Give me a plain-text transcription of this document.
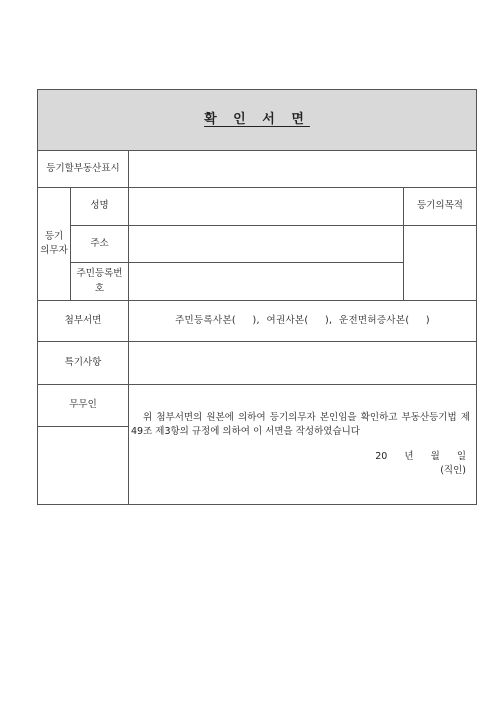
확 인 서 면			
등기할부동산표시			
등기
의무자	성명		등기의목적
	주소		
	주민등록번
호		
첨부서면		주민등록사본(     ),  여권사본(     ),  운전면허증사본(     )	
특기사항			
무무인		위 첨부서면의 원본에 의하여 등기의무자 본인임을 확인하고 부동산등기법 제
49조 제3항의 규정에 의하여 이 서면을 작성하였습니다
20 년 월 일
(직인)	
